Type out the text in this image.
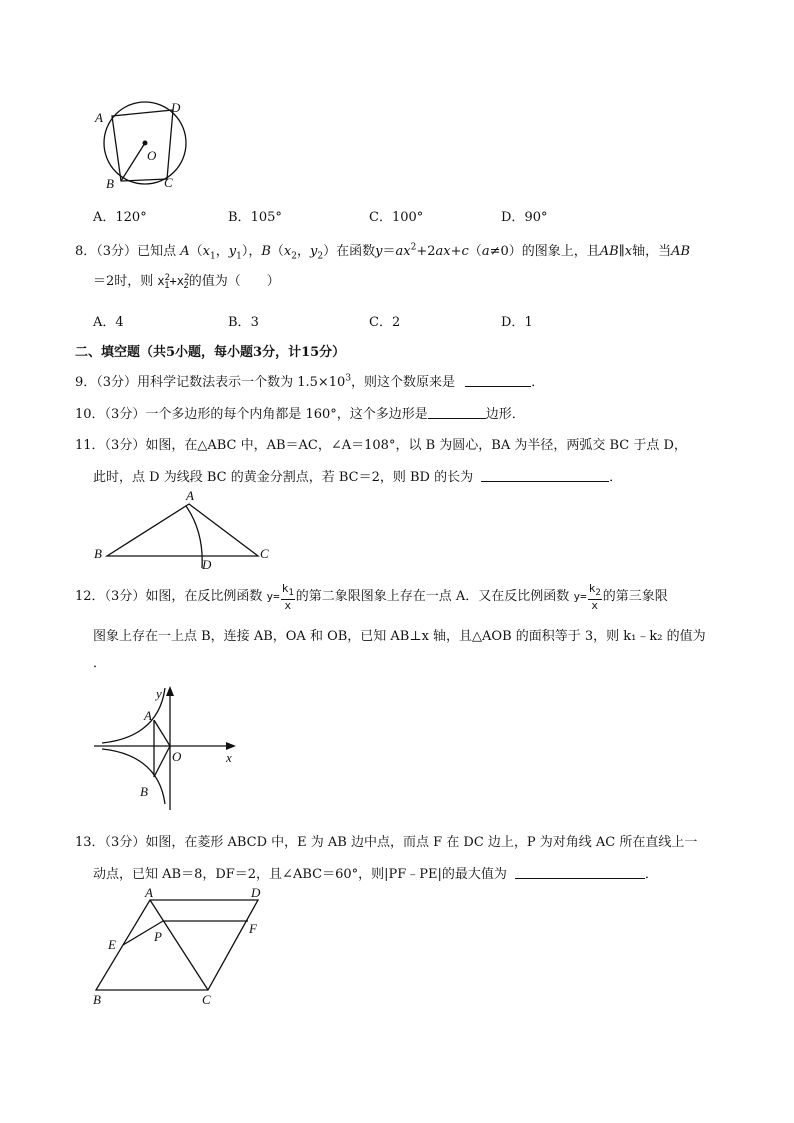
A
D
O
B	C
A．120°	B．105°	C．100°	D．90°
8．（3分）已知点 $A(x_1$，$y_1$），$B(x_2$，$y_2$）在函数$y=ax^2+2ax+c(a\ne 0)$的图象上，且AB∥x轴，当AB
＝2时，则 $x^2_1+x^2_2$的值为（　　）
A．4	B．3	C．2	D．1
二、填空题（共5小题，每小题3分，计15分）
9．（3分）用科学记数法表示一个数为 $1.5\times 10^3$，则这个数原来是	．
10．（3分）一个多边形的每个内角都是 160°，这个多边形是	边形．
11．（3分）如图，在△ABC 中，AB＝AC，∠A＝108°，以 B 为圆心，BA 为半径，两弧交 BC 于点 D，
此时，点 D 为线段 BC 的黄金分割点，若 BC＝2，则 BD 的长为	．
A
B	C
D
12．（3分）如图，在反比例函数 $y= \frac{k_1}{x}$ 的第二象限图象上存在一点 A．又在反比例函数 $y= \frac{k_2}{x}$ 的第三象限
图象上存在一上点 B，连接 AB，OA 和 OB，已知 AB⊥x 轴，且△AOB 的面积等于 3，则 k₁﹣k₂ 的值为
．
y
A
O	x
B
13．（3分）如图，在菱形 ABCD 中，E 为 AB 边中点，而点 F 在 DC 边上，P 为对角线 AC 所在直线上一
动点，已知 AB＝8，DF＝2，且∠ABC＝60°，则|PF﹣PE|的最大值为	．
A	D
F
P
E
B	C
